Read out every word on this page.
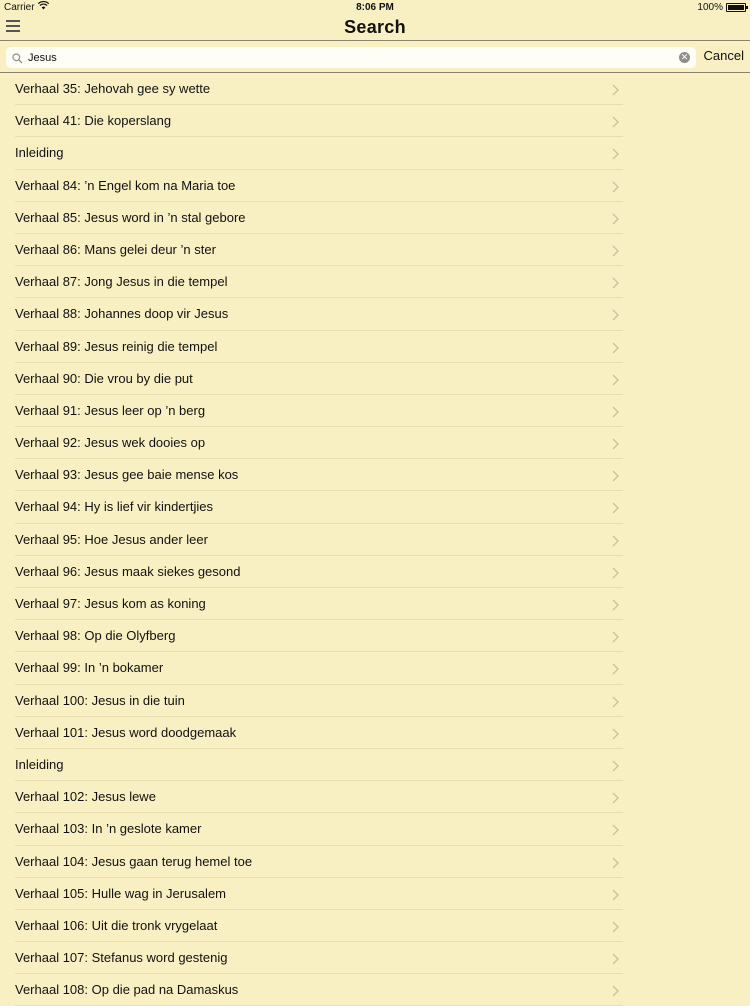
Carrier	8:06 PM	100%
Search
Jesus
✕ Cancel
Verhaal 35: Jehovah gee sy wette
Verhaal 41: Die koperslang
Inleiding
Verhaal 84: ’n Engel kom na Maria toe
Verhaal 85: Jesus word in ’n stal gebore
Verhaal 86: Mans gelei deur ’n ster
Verhaal 87: Jong Jesus in die tempel
Verhaal 88: Johannes doop vir Jesus
Verhaal 89: Jesus reinig die tempel
Verhaal 90: Die vrou by die put
Verhaal 91: Jesus leer op ’n berg
Verhaal 92: Jesus wek dooies op
Verhaal 93: Jesus gee baie mense kos
Verhaal 94: Hy is lief vir kindertjies
Verhaal 95: Hoe Jesus ander leer
Verhaal 96: Jesus maak siekes gesond
Verhaal 97: Jesus kom as koning
Verhaal 98: Op die Olyfberg
Verhaal 99: In ’n bokamer
Verhaal 100: Jesus in die tuin
Verhaal 101: Jesus word doodgemaak
Inleiding
Verhaal 102: Jesus lewe
Verhaal 103: In ’n geslote kamer
Verhaal 104: Jesus gaan terug hemel toe
Verhaal 105: Hulle wag in Jerusalem
Verhaal 106: Uit die tronk vrygelaat
Verhaal 107: Stefanus word gestenig
Verhaal 108: Op die pad na Damaskus
